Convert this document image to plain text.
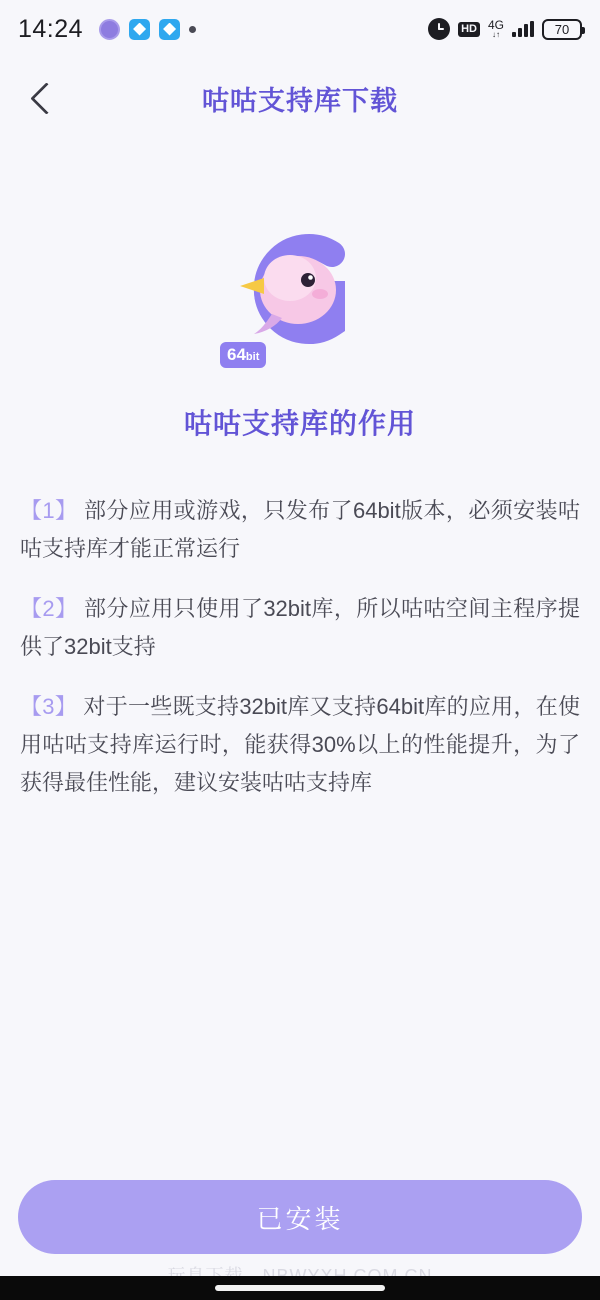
14:24	HD 4G
↓↑	70
咕咕支持库下载
64bit
咕咕支持库的作用

【1】 部分应用或游戏，只发布了64bit版本，必须安装咕咕支持库才能正常运行

【2】 部分应用只使用了32bit库，所以咕咕空间主程序提供了32bit支持

【3】 对于一些既支持32bit库又支持64bit库的应用，在使用咕咕支持库运行时，能获得30%以上的性能提升，为了获得最佳性能，建议安装咕咕支持库

已安装
